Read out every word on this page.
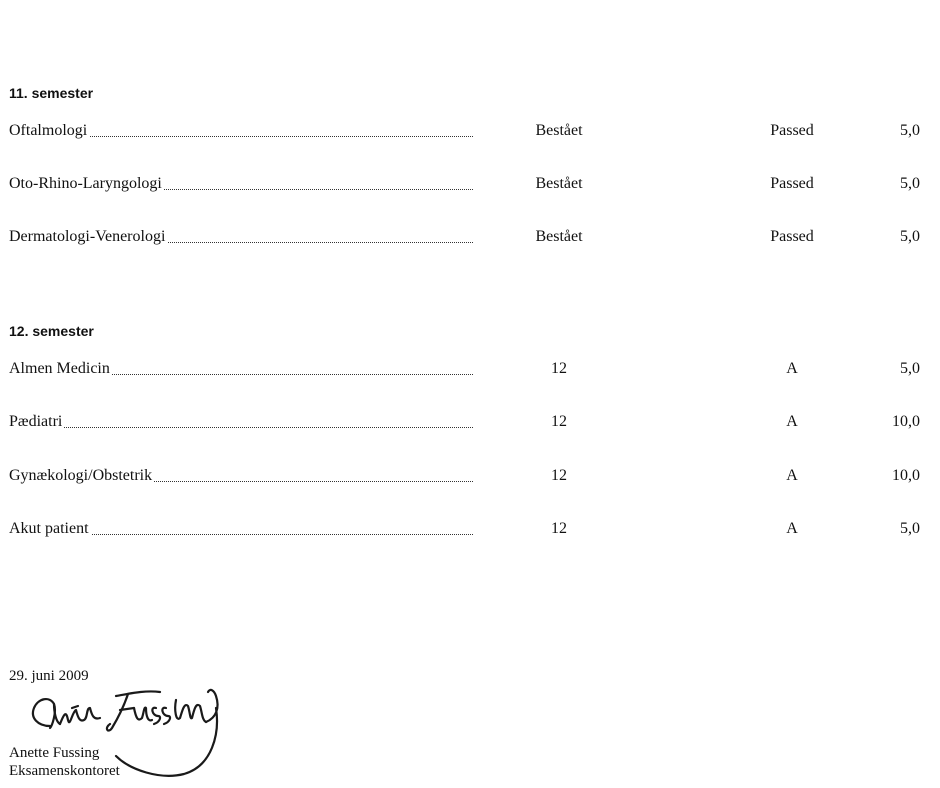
11. semester
Oftalmologi	Bestået	Passed	5,0
Oto-Rhino-Laryngologi	Bestået	Passed	5,0
Dermatologi-Venerologi	Bestået	Passed	5,0
12. semester
Almen Medicin	12	A	5,0
Pædiatri	12	A	10,0
Gynækologi/Obstetrik	12	A	10,0
Akut patient	12	A	5,0
29. juni 2009
Anette Fussing
Eksamenskontoret
